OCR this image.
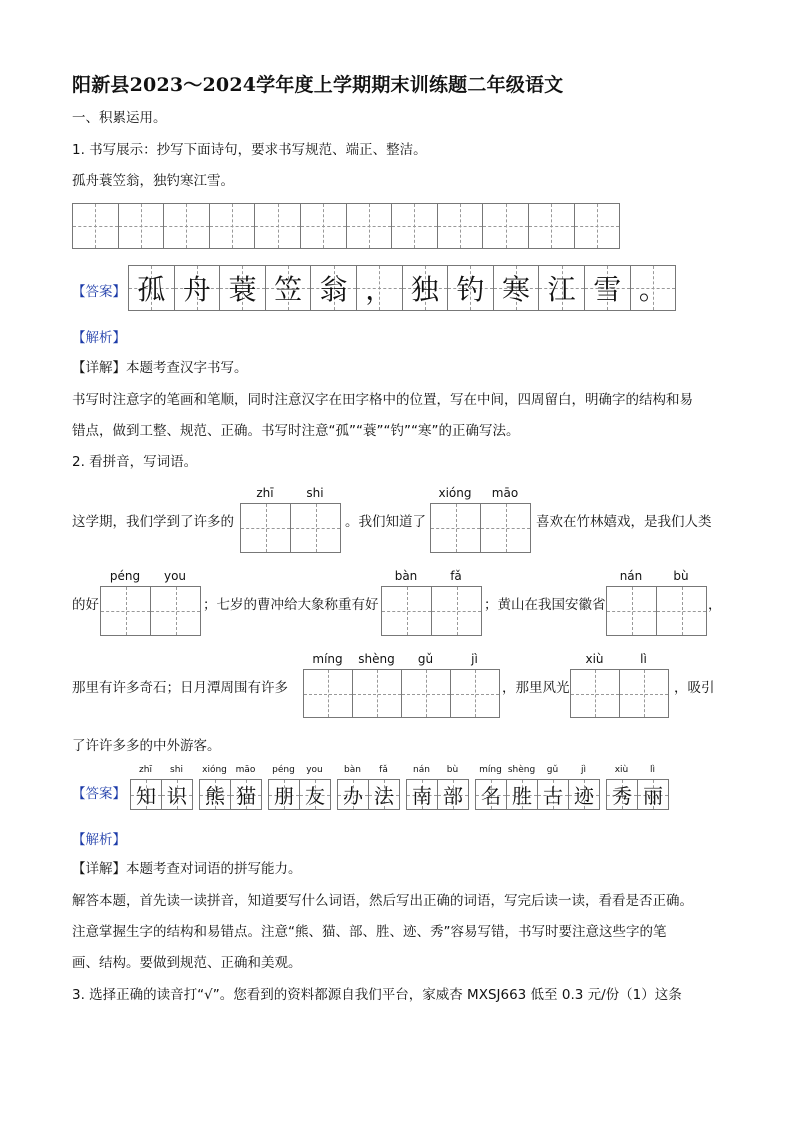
阳新县2023～2024学年度上学期期末训练题二年级语文
一、积累运用。
1. 书写展示：抄写下面诗句，要求书写规范、端正、整洁。
孤舟蓑笠翁，独钓寒江雪。
【答案】 孤 舟 蓑 笠 翁 ， 独 钓 寒 江 雪 。
【解析】
【详解】本题考查汉字书写。
书写时注意字的笔画和笔顺，同时注意汉字在田字格中的位置，写在中间，四周留白，明确字的结构和易
错点，做到工整、规范、正确。书写时注意“孤”“蓑”“钓”“寒”的正确写法。
2. 看拼音，写词语。
这学期，我们学到了许多的
zhī	shi
。我们知道了
xióng	māo
喜欢在竹林嬉戏，是我们人类
的好
péng	you
；七岁的曹冲给大象称重有好
bàn	fǎ
；黄山在我国安徽省
nán	bù
，
那里有许多奇石；日月潭周围有许多
míng	shèng	gǔ	jì
，那里风光
xiù	lì
，吸引
了许许多多的中外游客。
【答案】
zhī	shi
知 识
xióng māo
熊 猫
péng	you
朋 友
bàn	fǎ
办 法
nán	bù
南 部
míng shèng	gǔ	jì
名 胜 古 迹
xiù	lì
秀 丽
【解析】
【详解】本题考查对词语的拼写能力。
解答本题，首先读一读拼音，知道要写什么词语，然后写出正确的词语，写完后读一读，看看是否正确。
注意掌握生字的结构和易错点。注意“熊、猫、部、胜、迹、秀”容易写错，书写时要注意这些字的笔
画、结构。要做到规范、正确和美观。
3. 选择正确的读音打“√”。您看到的资料都源自我们平台，家威杏 MXSJ663 低至 0.3 元/份（1）这条
